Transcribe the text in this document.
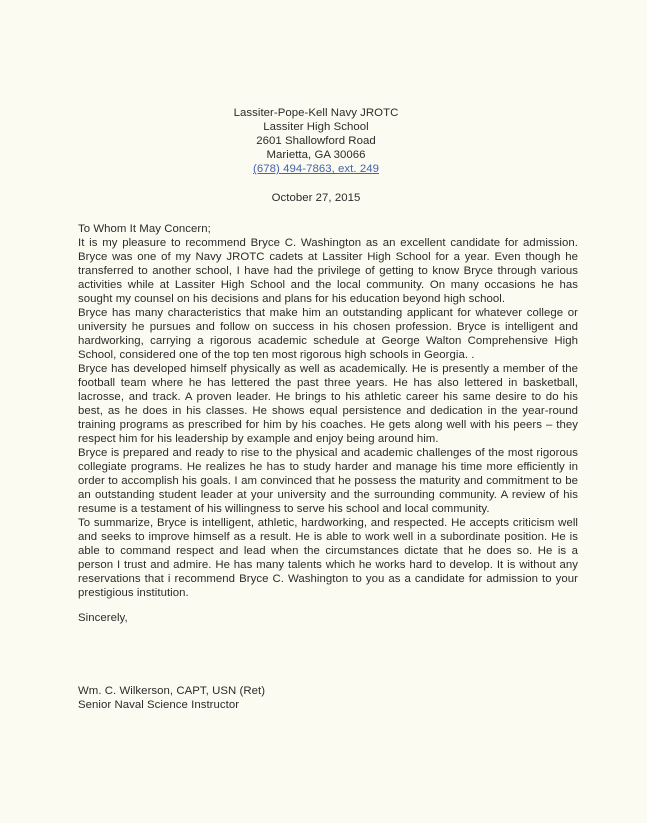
Lassiter-Pope-Kell Navy JROTC
Lassiter High School
2601 Shallowford Road
Marietta, GA 30066
(678) 494-7863, ext. 249
October 27, 2015
To Whom It May Concern;

It is my pleasure to recommend Bryce C. Washington as an excellent candidate for admission. Bryce was one of my Navy JROTC cadets at Lassiter High School for a year. Even though he transferred to another school, I have had the privilege of getting to know Bryce through various activities while at Lassiter High School and the local community. On many occasions he has sought my counsel on his decisions and plans for his education beyond high school.

Bryce has many characteristics that make him an outstanding applicant for whatever college or university he pursues and follow on success in his chosen profession. Bryce is intelligent and hardworking, carrying a rigorous academic schedule at George Walton Comprehensive High School, considered one of the top ten most rigorous high schools in Georgia. .

Bryce has developed himself physically as well as academically. He is presently a member of the football team where he has lettered the past three years. He has also lettered in basketball, lacrosse, and track. A proven leader. He brings to his athletic career his same desire to do his best, as he does in his classes. He shows equal persistence and dedication in the year-round training programs as prescribed for him by his coaches. He gets along well with his peers – they respect him for his leadership by example and enjoy being around him.

Bryce is prepared and ready to rise to the physical and academic challenges of the most rigorous collegiate programs. He realizes he has to study harder and manage his time more efficiently in order to accomplish his goals. I am convinced that he possess the maturity and commitment to be an outstanding student leader at your university and the surrounding community. A review of his resume is a testament of his willingness to serve his school and local community.

To summarize, Bryce is intelligent, athletic, hardworking, and respected. He accepts criticism well and seeks to improve himself as a result. He is able to work well in a subordinate position. He is able to command respect and lead when the circumstances dictate that he does so. He is a person I trust and admire. He has many talents which he works hard to develop. It is without any reservations that i recommend Bryce C. Washington to you as a candidate for admission to your prestigious institution.

Sincerely,
Wm. C. Wilkerson, CAPT, USN (Ret)
Senior Naval Science Instructor
